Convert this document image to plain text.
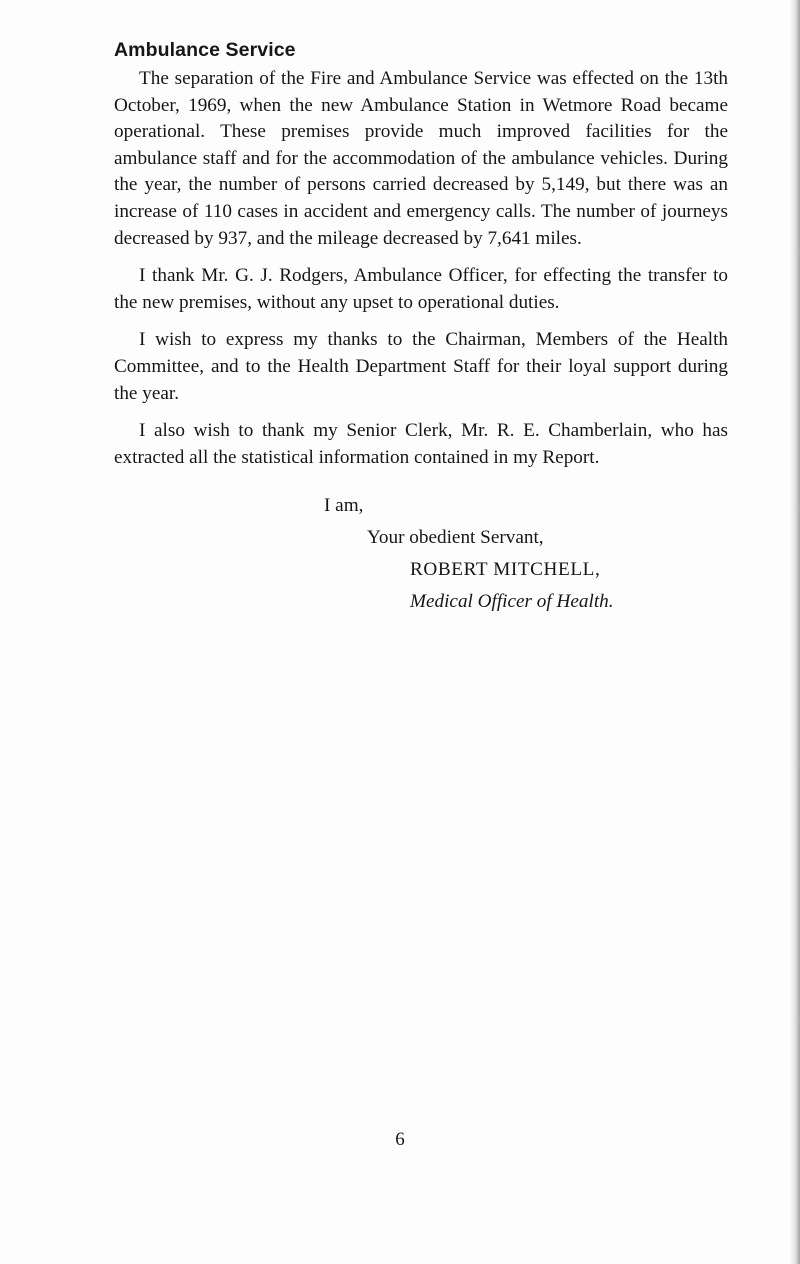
Ambulance Service

The separation of the Fire and Ambulance Service was effected on the 13th October, 1969, when the new Ambulance Station in Wetmore Road became operational. These premises provide much improved facilities for the ambulance staff and for the accommodation of the ambulance vehicles. During the year, the number of persons carried decreased by 5,149, but there was an increase of 110 cases in accident and emergency calls. The number of journeys decreased by 937, and the mileage decreased by 7,641 miles.

I thank Mr. G. J. Rodgers, Ambulance Officer, for effecting the transfer to the new premises, without any upset to operational duties.

I wish to express my thanks to the Chairman, Members of the Health Committee, and to the Health Department Staff for their loyal support during the year.

I also wish to thank my Senior Clerk, Mr. R. E. Chamberlain, who has extracted all the statistical information contained in my Report.

I am,
Your obedient Servant,
ROBERT MITCHELL,
Medical Officer of Health.
6
